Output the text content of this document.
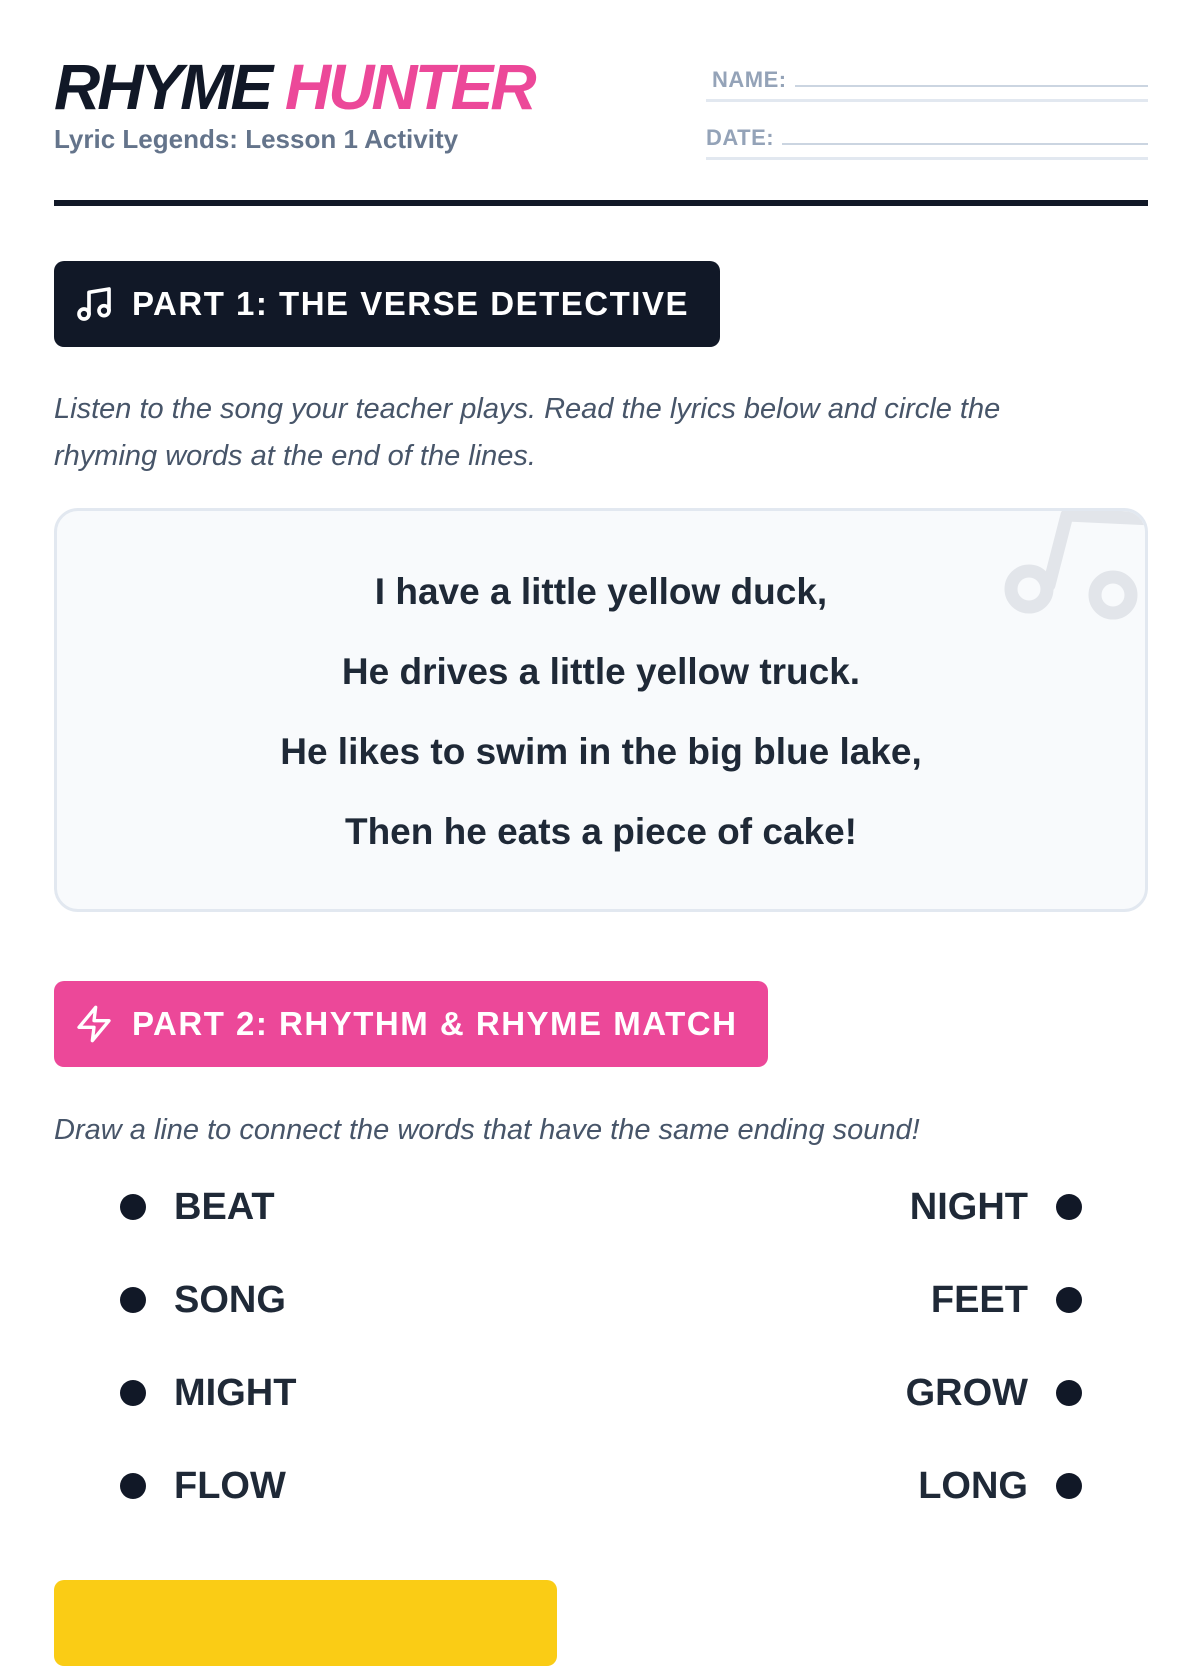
RHYME HUNTER
Lyric Legends: Lesson 1 Activity
NAME:
DATE:
PART 1: THE VERSE DETECTIVE
Listen to the song your teacher plays. Read the lyrics below and circle the rhyming words at the end of the lines.
I have a little yellow duck,
He drives a little yellow truck.
He likes to swim in the big blue lake,
Then he eats a piece of cake!
PART 2: RHYTHM & RHYME MATCH
Draw a line to connect the words that have the same ending sound!
BEAT	NIGHT
SONG	FEET
MIGHT	GROW
FLOW	LONG
